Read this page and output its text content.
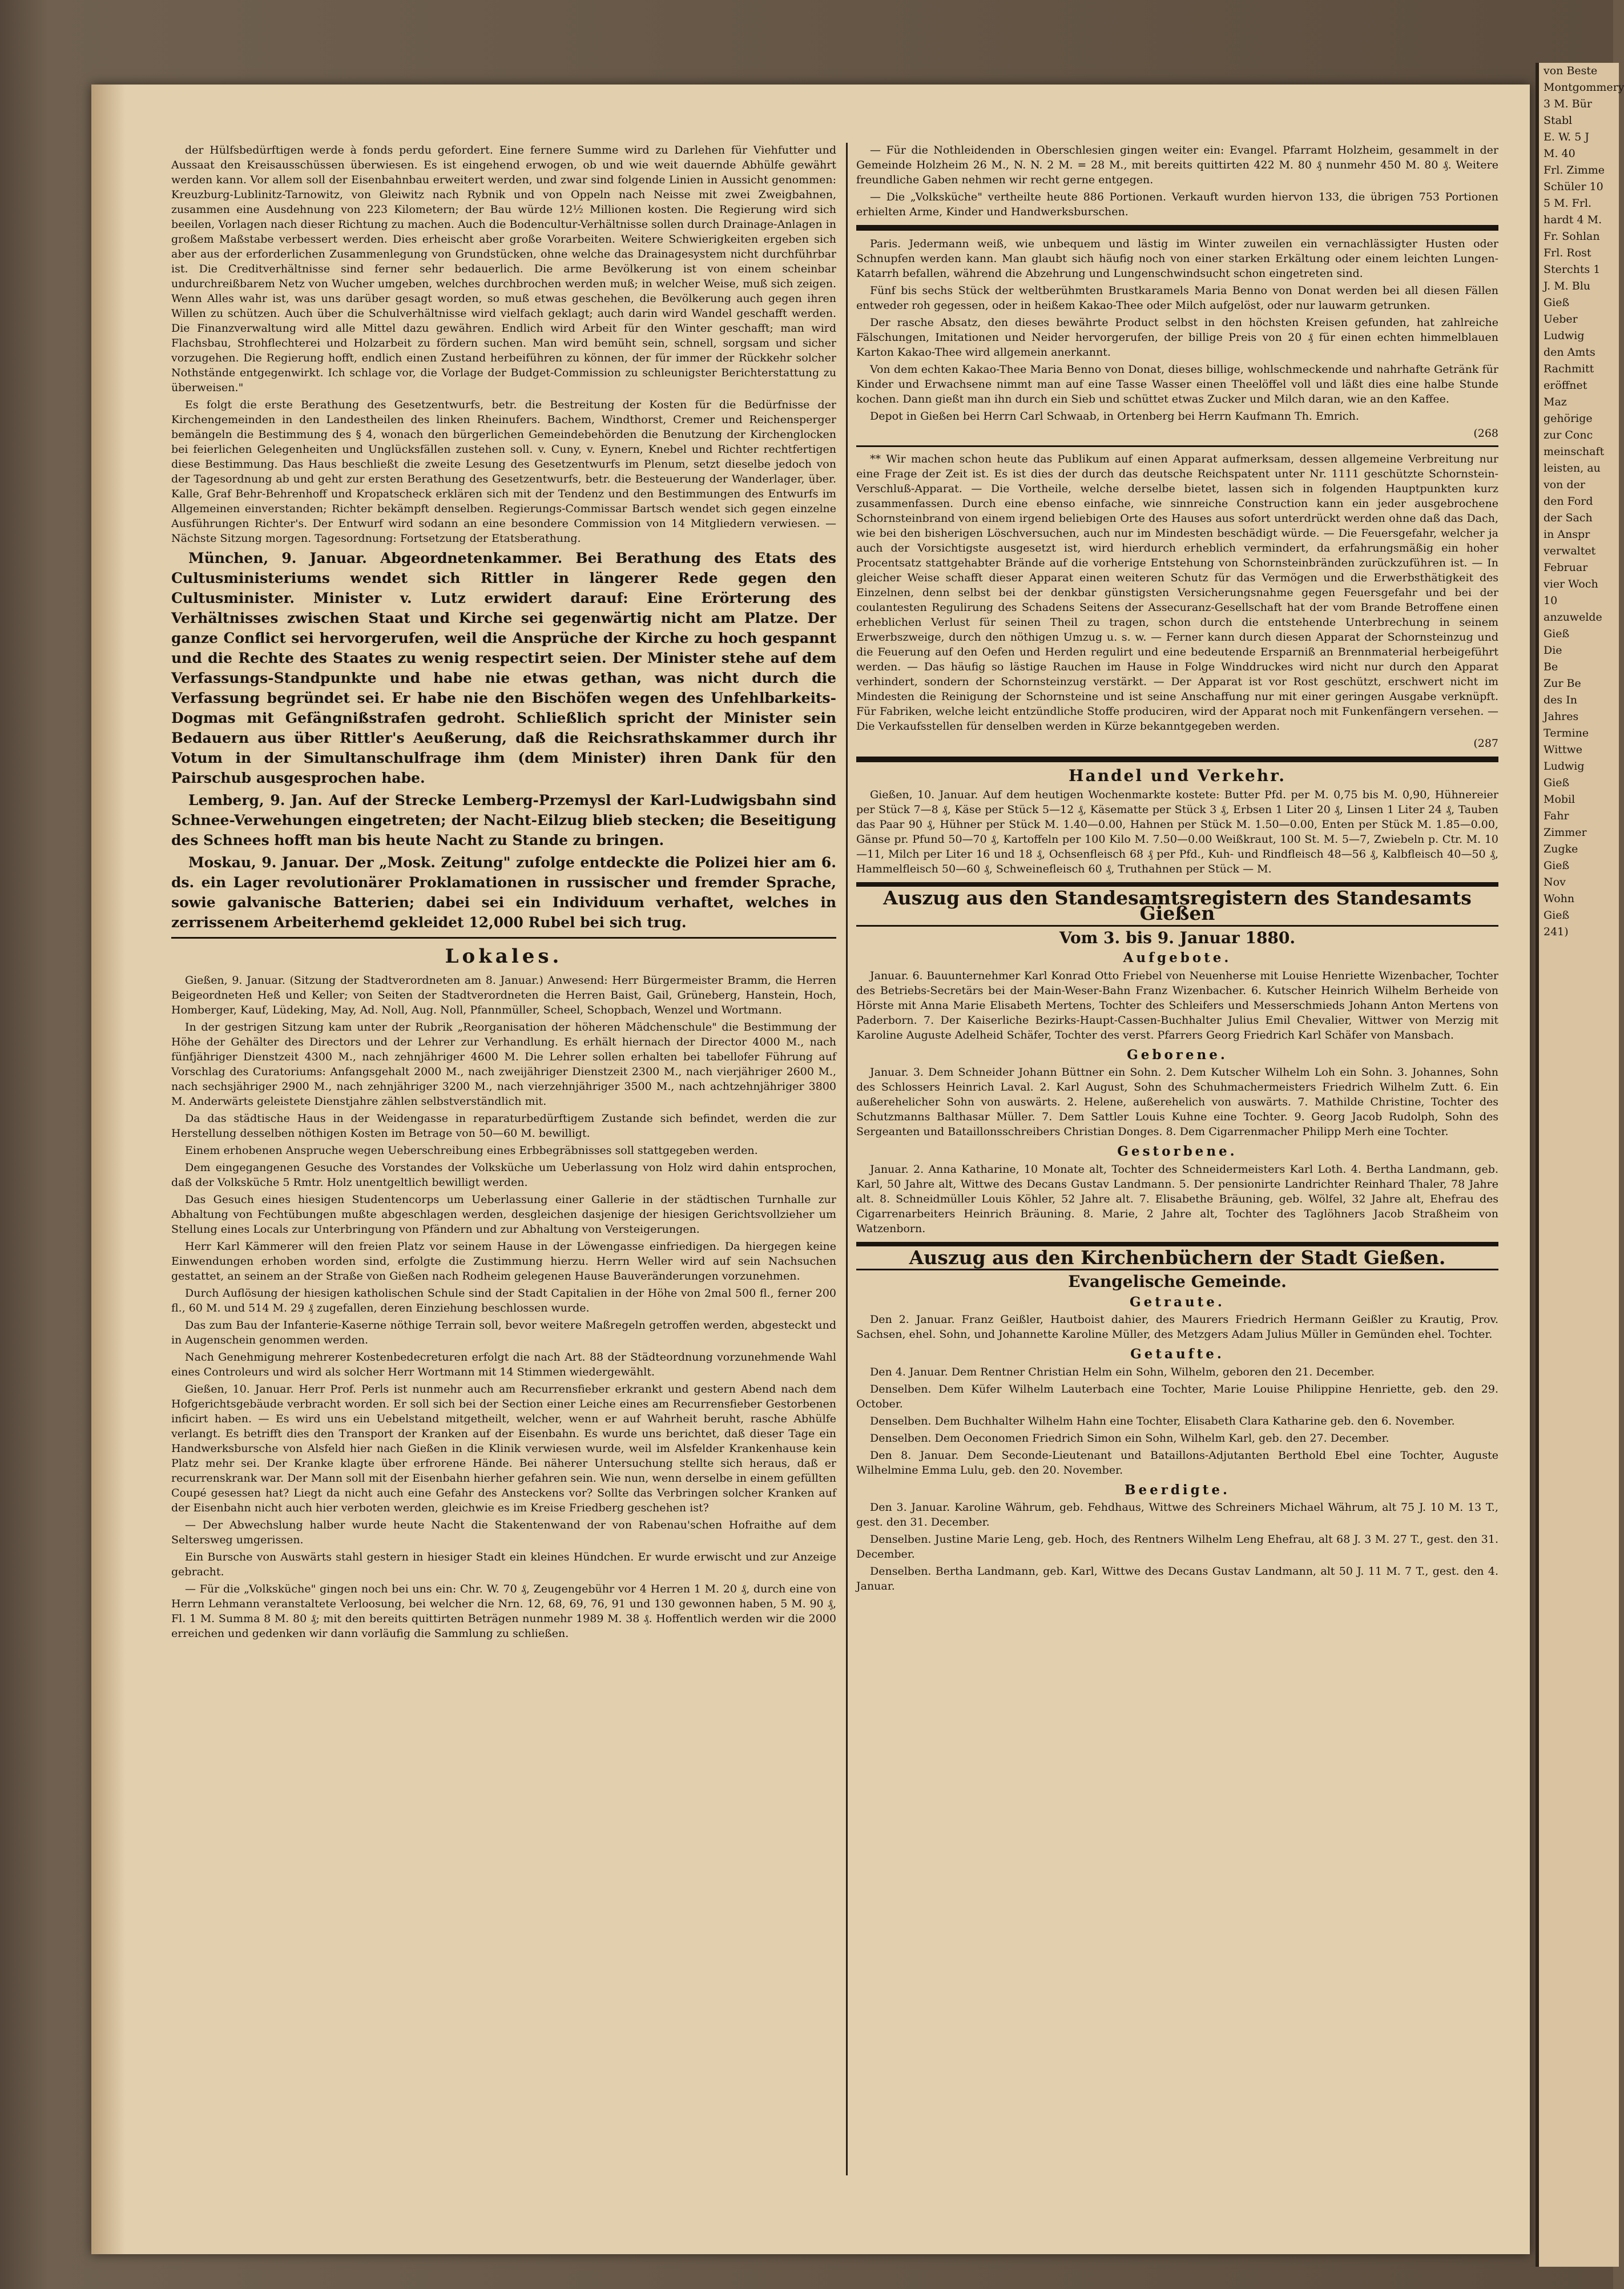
von Beste
Montgommery
3 M. Bür
Stabl
E. W. 5 J
M. 40
Frl. Zimme
Schüler 10
5 M. Frl.
hardt 4 M.
Fr. Sohlan
Frl. Rost
Sterchts 1
J. M. Blu
Gieß
Ueber
Ludwig
den Amts
Rachmitt
eröffnet
Maz
gehörige
zur Conc
meinschaft
leisten, au
von der
den Ford
der Sach
in Anspr
verwaltet
Februar
vier Woch
10
anzuwelde
Gieß
Die
Be
Zur Be
des In
Jahres
Termine
Wittwe
Ludwig
Gieß
Mobil
Fahr
Zimmer
Zugke
Gieß
Nov
Wohn
Gieß
241)

der Hülfsbedürftigen werde à fonds perdu gefordert. Eine fernere Summe wird zu Darlehen für Viehfutter und Aussaat den Kreisausschüssen überwiesen. Es ist eingehend erwogen, ob und wie weit dauernde Abhülfe gewährt werden kann. Vor allem soll der Eisenbahnbau erweitert werden, und zwar sind folgende Linien in Aussicht genommen: Kreuzburg-Lublinitz-Tarnowitz, von Gleiwitz nach Rybnik und von Oppeln nach Neisse mit zwei Zweigbahnen, zusammen eine Ausdehnung von 223 Kilometern; der Bau würde 12½ Millionen kosten. Die Regierung wird sich beeilen, Vorlagen nach dieser Richtung zu machen. Auch die Bodencultur-Verhältnisse sollen durch Drainage-Anlagen in großem Maßstabe verbessert werden. Dies erheischt aber große Vorarbeiten. Weitere Schwierigkeiten ergeben sich aber aus der erforderlichen Zusammenlegung von Grundstücken, ohne welche das Drainagesystem nicht durchführbar ist. Die Creditverhältnisse sind ferner sehr bedauerlich. Die arme Bevölkerung ist von einem scheinbar undurchreißbarem Netz von Wucher umgeben, welches durchbrochen werden muß; in welcher Weise, muß sich zeigen. Wenn Alles wahr ist, was uns darüber gesagt worden, so muß etwas geschehen, die Bevölkerung auch gegen ihren Willen zu schützen. Auch über die Schulverhältnisse wird vielfach geklagt; auch darin wird Wandel geschafft werden. Die Finanzverwaltung wird alle Mittel dazu gewähren. Endlich wird Arbeit für den Winter geschafft; man wird Flachsbau, Strohflechterei und Holzarbeit zu fördern suchen. Man wird bemüht sein, schnell, sorgsam und sicher vorzugehen. Die Regierung hofft, endlich einen Zustand herbeiführen zu können, der für immer der Rückkehr solcher Nothstände entgegenwirkt. Ich schlage vor, die Vorlage der Budget-Commission zu schleunigster Berichterstattung zu überweisen."

Es folgt die erste Berathung des Gesetzentwurfs, betr. die Bestreitung der Kosten für die Bedürfnisse der Kirchengemeinden in den Landestheilen des linken Rheinufers. Bachem, Windthorst, Cremer und Reichensperger bemängeln die Bestimmung des § 4, wonach den bürgerlichen Gemeindebehörden die Benutzung der Kirchenglocken bei feierlichen Gelegenheiten und Unglücksfällen zustehen soll. v. Cuny, v. Eynern, Knebel und Richter rechtfertigen diese Bestimmung. Das Haus beschließt die zweite Lesung des Gesetzentwurfs im Plenum, setzt dieselbe jedoch von der Tagesordnung ab und geht zur ersten Berathung des Gesetzentwurfs, betr. die Besteuerung der Wanderlager, über. Kalle, Graf Behr-Behrenhoff und Kropatscheck erklären sich mit der Tendenz und den Bestimmungen des Entwurfs im Allgemeinen einverstanden; Richter bekämpft denselben. Regierungs-Commissar Bartsch wendet sich gegen einzelne Ausführungen Richter's. Der Entwurf wird sodann an eine besondere Commission von 14 Mitgliedern verwiesen. — Nächste Sitzung morgen. Tagesordnung: Fortsetzung der Etatsberathung.

München, 9. Januar. Abgeordnetenkammer. Bei Berathung des Etats des Cultusministeriums wendet sich Rittler in längerer Rede gegen den Cultusminister. Minister v. Lutz erwidert darauf: Eine Erörterung des Verhältnisses zwischen Staat und Kirche sei gegenwärtig nicht am Platze. Der ganze Conflict sei hervorgerufen, weil die Ansprüche der Kirche zu hoch gespannt und die Rechte des Staates zu wenig respectirt seien. Der Minister stehe auf dem Verfassungs-Standpunkte und habe nie etwas gethan, was nicht durch die Verfassung begründet sei. Er habe nie den Bischöfen wegen des Unfehlbarkeits-Dogmas mit Gefängnißstrafen gedroht. Schließlich spricht der Minister sein Bedauern aus über Rittler's Aeußerung, daß die Reichsrathskammer durch ihr Votum in der Simultanschulfrage ihm (dem Minister) ihren Dank für den Pairschub ausgesprochen habe.

Lemberg, 9. Jan. Auf der Strecke Lemberg-Przemysl der Karl-Ludwigsbahn sind Schnee-Verwehungen eingetreten; der Nacht-Eilzug blieb stecken; die Beseitigung des Schnees hofft man bis heute Nacht zu Stande zu bringen.

Moskau, 9. Januar. Der „Mosk. Zeitung" zufolge entdeckte die Polizei hier am 6. ds. ein Lager revolutionärer Proklamationen in russischer und fremder Sprache, sowie galvanische Batterien; dabei sei ein Individuum verhaftet, welches in zerrissenem Arbeiterhemd gekleidet 12,000 Rubel bei sich trug.

Lokales.

Gießen, 9. Januar. (Sitzung der Stadtverordneten am 8. Januar.) Anwesend: Herr Bürgermeister Bramm, die Herren Beigeordneten Heß und Keller; von Seiten der Stadtverordneten die Herren Baist, Gail, Grüneberg, Hanstein, Hoch, Homberger, Kauf, Lüdeking, May, Ad. Noll, Aug. Noll, Pfannmüller, Scheel, Schopbach, Wenzel und Wortmann.

In der gestrigen Sitzung kam unter der Rubrik „Reorganisation der höheren Mädchenschule" die Bestimmung der Höhe der Gehälter des Directors und der Lehrer zur Verhandlung. Es erhält hiernach der Director 4000 M., nach fünfjähriger Dienstzeit 4300 M., nach zehnjähriger 4600 M. Die Lehrer sollen erhalten bei tabellofer Führung auf Vorschlag des Curatoriums: Anfangsgehalt 2000 M., nach zweijähriger Dienstzeit 2300 M., nach vierjähriger 2600 M., nach sechsjähriger 2900 M., nach zehnjähriger 3200 M., nach vierzehnjähriger 3500 M., nach achtzehnjähriger 3800 M. Anderwärts geleistete Dienstjahre zählen selbstverständlich mit.

Da das städtische Haus in der Weidengasse in reparaturbedürftigem Zustande sich befindet, werden die zur Herstellung desselben nöthigen Kosten im Betrage von 50—60 M. bewilligt.

Einem erhobenen Anspruche wegen Ueberschreibung eines Erbbegräbnisses soll stattgegeben werden.

Dem eingegangenen Gesuche des Vorstandes der Volksküche um Ueberlassung von Holz wird dahin entsprochen, daß der Volksküche 5 Rmtr. Holz unentgeltlich bewilligt werden.

Das Gesuch eines hiesigen Studentencorps um Ueberlassung einer Gallerie in der städtischen Turnhalle zur Abhaltung von Fechtübungen mußte abgeschlagen werden, desgleichen dasjenige der hiesigen Gerichtsvollzieher um Stellung eines Locals zur Unterbringung von Pfändern und zur Abhaltung von Versteigerungen.

Herr Karl Kämmerer will den freien Platz vor seinem Hause in der Löwengasse einfriedigen. Da hiergegen keine Einwendungen erhoben worden sind, erfolgte die Zustimmung hierzu. Herrn Weller wird auf sein Nachsuchen gestattet, an seinem an der Straße von Gießen nach Rodheim gelegenen Hause Bauveränderungen vorzunehmen.

Durch Auflösung der hiesigen katholischen Schule sind der Stadt Capitalien in der Höhe von 2mal 500 fl., ferner 200 fl., 60 M. und 514 M. 29 ₰ zugefallen, deren Einziehung beschlossen wurde.

Das zum Bau der Infanterie-Kaserne nöthige Terrain soll, bevor weitere Maßregeln getroffen werden, abgesteckt und in Augenschein genommen werden.

Nach Genehmigung mehrerer Kostenbedecreturen erfolgt die nach Art. 88 der Städteordnung vorzunehmende Wahl eines Controleurs und wird als solcher Herr Wortmann mit 14 Stimmen wiedergewählt.

Gießen, 10. Januar. Herr Prof. Perls ist nunmehr auch am Recurrensfieber erkrankt und gestern Abend nach dem Hofgerichtsgebäude verbracht worden. Er soll sich bei der Section einer Leiche eines am Recurrensfieber Gestorbenen inficirt haben. — Es wird uns ein Uebelstand mitgetheilt, welcher, wenn er auf Wahrheit beruht, rasche Abhülfe verlangt. Es betrifft dies den Transport der Kranken auf der Eisenbahn. Es wurde uns berichtet, daß dieser Tage ein Handwerksbursche von Alsfeld hier nach Gießen in die Klinik verwiesen wurde, weil im Alsfelder Krankenhause kein Platz mehr sei. Der Kranke klagte über erfrorene Hände. Bei näherer Untersuchung stellte sich heraus, daß er recurrenskrank war. Der Mann soll mit der Eisenbahn hierher gefahren sein. Wie nun, wenn derselbe in einem gefüllten Coupé gesessen hat? Liegt da nicht auch eine Gefahr des Ansteckens vor? Sollte das Verbringen solcher Kranken auf der Eisenbahn nicht auch hier verboten werden, gleichwie es im Kreise Friedberg geschehen ist?

— Der Abwechslung halber wurde heute Nacht die Stakentenwand der von Rabenau'schen Hofraithe auf dem Seltersweg umgerissen.

Ein Bursche von Auswärts stahl gestern in hiesiger Stadt ein kleines Hündchen. Er wurde erwischt und zur Anzeige gebracht.

— Für die „Volksküche" gingen noch bei uns ein: Chr. W. 70 ₰, Zeugengebühr vor 4 Herren 1 M. 20 ₰, durch eine von Herrn Lehmann veranstaltete Verloosung, bei welcher die Nrn. 12, 68, 69, 76, 91 und 130 gewonnen haben, 5 M. 90 ₰, Fl. 1 M. Summa 8 M. 80 ₰; mit den bereits quittirten Beträgen nunmehr 1989 M. 38 ₰. Hoffentlich werden wir die 2000 erreichen und gedenken wir dann vorläufig die Sammlung zu schließen.

— Für die Nothleidenden in Oberschlesien gingen weiter ein: Evangel. Pfarramt Holzheim, gesammelt in der Gemeinde Holzheim 26 M., N. N. 2 M. = 28 M., mit bereits quittirten 422 M. 80 ₰ nunmehr 450 M. 80 ₰. Weitere freundliche Gaben nehmen wir recht gerne entgegen.

— Die „Volksküche" vertheilte heute 886 Portionen. Verkauft wurden hiervon 133, die übrigen 753 Portionen erhielten Arme, Kinder und Handwerksburschen.

Paris. Jedermann weiß, wie unbequem und lästig im Winter zuweilen ein vernachlässigter Husten oder Schnupfen werden kann. Man glaubt sich häufig noch von einer starken Erkältung oder einem leichten Lungen-Katarrh befallen, während die Abzehrung und Lungenschwindsucht schon eingetreten sind.

Fünf bis sechs Stück der weltberühmten Brustkaramels Maria Benno von Donat werden bei all diesen Fällen entweder roh gegessen, oder in heißem Kakao-Thee oder Milch aufgelöst, oder nur lauwarm getrunken.

Der rasche Absatz, den dieses bewährte Product selbst in den höchsten Kreisen gefunden, hat zahlreiche Fälschungen, Imitationen und Neider hervorgerufen, der billige Preis von 20 ₰ für einen echten himmelblauen Karton Kakao-Thee wird allgemein anerkannt.

Von dem echten Kakao-Thee Maria Benno von Donat, dieses billige, wohlschmeckende und nahrhafte Getränk für Kinder und Erwachsene nimmt man auf eine Tasse Wasser einen Theelöffel voll und läßt dies eine halbe Stunde kochen. Dann gießt man ihn durch ein Sieb und schüttet etwas Zucker und Milch daran, wie an den Kaffee.

Depot in Gießen bei Herrn Carl Schwaab, in Ortenberg bei Herrn Kaufmann Th. Emrich.

(268

** Wir machen schon heute das Publikum auf einen Apparat aufmerksam, dessen allgemeine Verbreitung nur eine Frage der Zeit ist. Es ist dies der durch das deutsche Reichspatent unter Nr. 1111 geschützte Schornstein-Verschluß-Apparat. — Die Vortheile, welche derselbe bietet, lassen sich in folgenden Hauptpunkten kurz zusammenfassen. Durch eine ebenso einfache, wie sinnreiche Construction kann ein jeder ausgebrochene Schornsteinbrand von einem irgend beliebigen Orte des Hauses aus sofort unterdrückt werden ohne daß das Dach, wie bei den bisherigen Löschversuchen, auch nur im Mindesten beschädigt würde. — Die Feuersgefahr, welcher ja auch der Vorsichtigste ausgesetzt ist, wird hierdurch erheblich vermindert, da erfahrungsmäßig ein hoher Procentsatz stattgehabter Brände auf die vorherige Entstehung von Schornsteinbränden zurückzuführen ist. — In gleicher Weise schafft dieser Apparat einen weiteren Schutz für das Vermögen und die Erwerbsthätigkeit des Einzelnen, denn selbst bei der denkbar günstigsten Versicherungsnahme gegen Feuersgefahr und bei der coulantesten Regulirung des Schadens Seitens der Assecuranz-Gesellschaft hat der vom Brande Betroffene einen erheblichen Verlust für seinen Theil zu tragen, schon durch die entstehende Unterbrechung in seinem Erwerbszweige, durch den nöthigen Umzug u. s. w. — Ferner kann durch diesen Apparat der Schornsteinzug und die Feuerung auf den Oefen und Herden regulirt und eine bedeutende Ersparniß an Brennmaterial herbeigeführt werden. — Das häufig so lästige Rauchen im Hause in Folge Winddruckes wird nicht nur durch den Apparat verhindert, sondern der Schornsteinzug verstärkt. — Der Apparat ist vor Rost geschützt, erschwert nicht im Mindesten die Reinigung der Schornsteine und ist seine Anschaffung nur mit einer geringen Ausgabe verknüpft. Für Fabriken, welche leicht entzündliche Stoffe produciren, wird der Apparat noch mit Funkenfängern versehen. — Die Verkaufsstellen für denselben werden in Kürze bekanntgegeben werden.

(287
Handel und Verkehr.

Gießen, 10. Januar. Auf dem heutigen Wochenmarkte kostete: Butter Pfd. per M. 0,75 bis M. 0,90, Hühnereier per Stück 7—8 ₰, Käse per Stück 5—12 ₰, Käsematte per Stück 3 ₰, Erbsen 1 Liter 20 ₰, Linsen 1 Liter 24 ₰, Tauben das Paar 90 ₰, Hühner per Stück M. 1.40—0.00, Hahnen per Stück M. 1.50—0.00, Enten per Stück M. 1.85—0.00, Gänse pr. Pfund 50—70 ₰, Kartoffeln per 100 Kilo M. 7.50—0.00 Weißkraut, 100 St. M. 5—7, Zwiebeln p. Ctr. M. 10—11, Milch per Liter 16 und 18 ₰, Ochsenfleisch 68 ₰ per Pfd., Kuh- und Rindfleisch 48—56 ₰, Kalbfleisch 40—50 ₰, Hammelfleisch 50—60 ₰, Schweinefleisch 60 ₰, Truthahnen per Stück — M.

Auszug aus den Standesamtsregistern des Standesamts Gießen
Vom 3. bis 9. Januar 1880.
Aufgebote.

Januar. 6. Bauunternehmer Karl Konrad Otto Friebel von Neuenherse mit Louise Henriette Wizenbacher, Tochter des Betriebs-Secretärs bei der Main-Weser-Bahn Franz Wizenbacher. 6. Kutscher Heinrich Wilhelm Berheide von Hörste mit Anna Marie Elisabeth Mertens, Tochter des Schleifers und Messerschmieds Johann Anton Mertens von Paderborn. 7. Der Kaiserliche Bezirks-Haupt-Cassen-Buchhalter Julius Emil Chevalier, Wittwer von Merzig mit Karoline Auguste Adelheid Schäfer, Tochter des verst. Pfarrers Georg Friedrich Karl Schäfer von Mansbach.

Geborene.

Januar. 3. Dem Schneider Johann Büttner ein Sohn. 2. Dem Kutscher Wilhelm Loh ein Sohn. 3. Johannes, Sohn des Schlossers Heinrich Laval. 2. Karl August, Sohn des Schuhmachermeisters Friedrich Wilhelm Zutt. 6. Ein außerehelicher Sohn von auswärts. 2. Helene, außerehelich von auswärts. 7. Mathilde Christine, Tochter des Schutzmanns Balthasar Müller. 7. Dem Sattler Louis Kuhne eine Tochter. 9. Georg Jacob Rudolph, Sohn des Sergeanten und Bataillonsschreibers Christian Donges. 8. Dem Cigarrenmacher Philipp Merh eine Tochter.

Gestorbene.

Januar. 2. Anna Katharine, 10 Monate alt, Tochter des Schneidermeisters Karl Loth. 4. Bertha Landmann, geb. Karl, 50 Jahre alt, Wittwe des Decans Gustav Landmann. 5. Der pensionirte Landrichter Reinhard Thaler, 78 Jahre alt. 8. Schneidmüller Louis Köhler, 52 Jahre alt. 7. Elisabethe Bräuning, geb. Wölfel, 32 Jahre alt, Ehefrau des Cigarrenarbeiters Heinrich Bräuning. 8. Marie, 2 Jahre alt, Tochter des Taglöhners Jacob Straßheim von Watzenborn.

Auszug aus den Kirchenbüchern der Stadt Gießen.
Evangelische Gemeinde.
Getraute.

Den 2. Januar. Franz Geißler, Hautboist dahier, des Maurers Friedrich Hermann Geißler zu Krautig, Prov. Sachsen, ehel. Sohn, und Johannette Karoline Müller, des Metzgers Adam Julius Müller in Gemünden ehel. Tochter.

Getaufte.

Den 4. Januar. Dem Rentner Christian Helm ein Sohn, Wilhelm, geboren den 21. December.

Denselben. Dem Küfer Wilhelm Lauterbach eine Tochter, Marie Louise Philippine Henriette, geb. den 29. October.

Denselben. Dem Buchhalter Wilhelm Hahn eine Tochter, Elisabeth Clara Katharine geb. den 6. November.

Denselben. Dem Oeconomen Friedrich Simon ein Sohn, Wilhelm Karl, geb. den 27. December.

Den 8. Januar. Dem Seconde-Lieutenant und Bataillons-Adjutanten Berthold Ebel eine Tochter, Auguste Wilhelmine Emma Lulu, geb. den 20. November.

Beerdigte.

Den 3. Januar. Karoline Währum, geb. Fehdhaus, Wittwe des Schreiners Michael Währum, alt 75 J. 10 M. 13 T., gest. den 31. December.

Denselben. Justine Marie Leng, geb. Hoch, des Rentners Wilhelm Leng Ehefrau, alt 68 J. 3 M. 27 T., gest. den 31. December.

Denselben. Bertha Landmann, geb. Karl, Wittwe des Decans Gustav Landmann, alt 50 J. 11 M. 7 T., gest. den 4. Januar.
